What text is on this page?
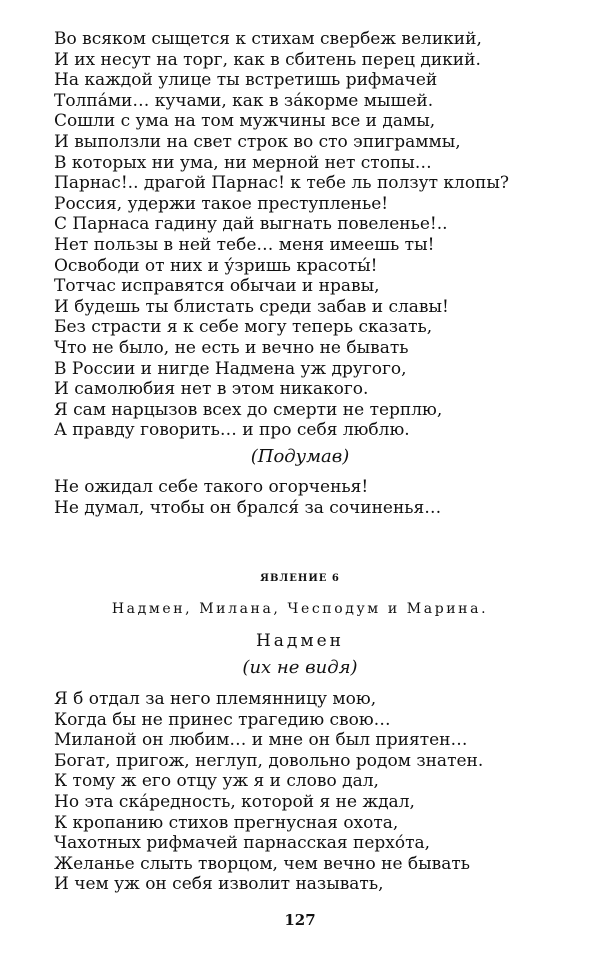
Во всяком сыщется к стихам свербеж великий,
И их несут на торг, как в сбитень перец дикий.
На каждой улице ты встретишь рифмачей
Толпа́ми… кучами, как в за́корме мышей.
Сошли с ума на том мужчины все и дамы,
И выползли на свет строк во сто эпиграммы,
В которых ни ума, ни мерной нет стопы…
Парнас!.. драгой Парнас! к тебе ль ползут клопы?
Россия, удержи такое преступленье!
С Парнаса гадину дай выгнать повеленье!..
Нет пользы в ней тебе… меня имеешь ты!
Освободи от них и у́зришь красоты́!
Тотчас исправятся обычаи и нравы,
И будешь ты блистать среди забав и славы!
Без страсти я к себе могу теперь сказать,
Что не было, не есть и вечно не бывать
В России и нигде Надмена уж другого,
И самолюбия нет в этом никакого.
Я сам нарцызов всех до смерти не терплю,
А правду говорить… и про себя люблю.
(Подумав)
Не ожидал себе такого огорченья!
Не думал, чтобы он брался́ за сочиненья…
ЯВЛЕНИЕ 6
Надмен, Милана, Чесподум и Марина.
Надмен
(их не видя)
Я б отдал за него племянницу мою,
Когда бы не принес трагедию свою…
Миланой он любим… и мне он был приятен…
Богат, пригож, неглуп, довольно родом знатен.
К тому ж его отцу уж я и слово дал,
Но эта ска́редность, которой я не ждал,
К кропанию стихов прегнусная охота,
Чахотных рифмачей парнасская перхо́та,
Желанье слыть творцом, чем вечно не бывать
И чем уж он себя изволит называть,
127
